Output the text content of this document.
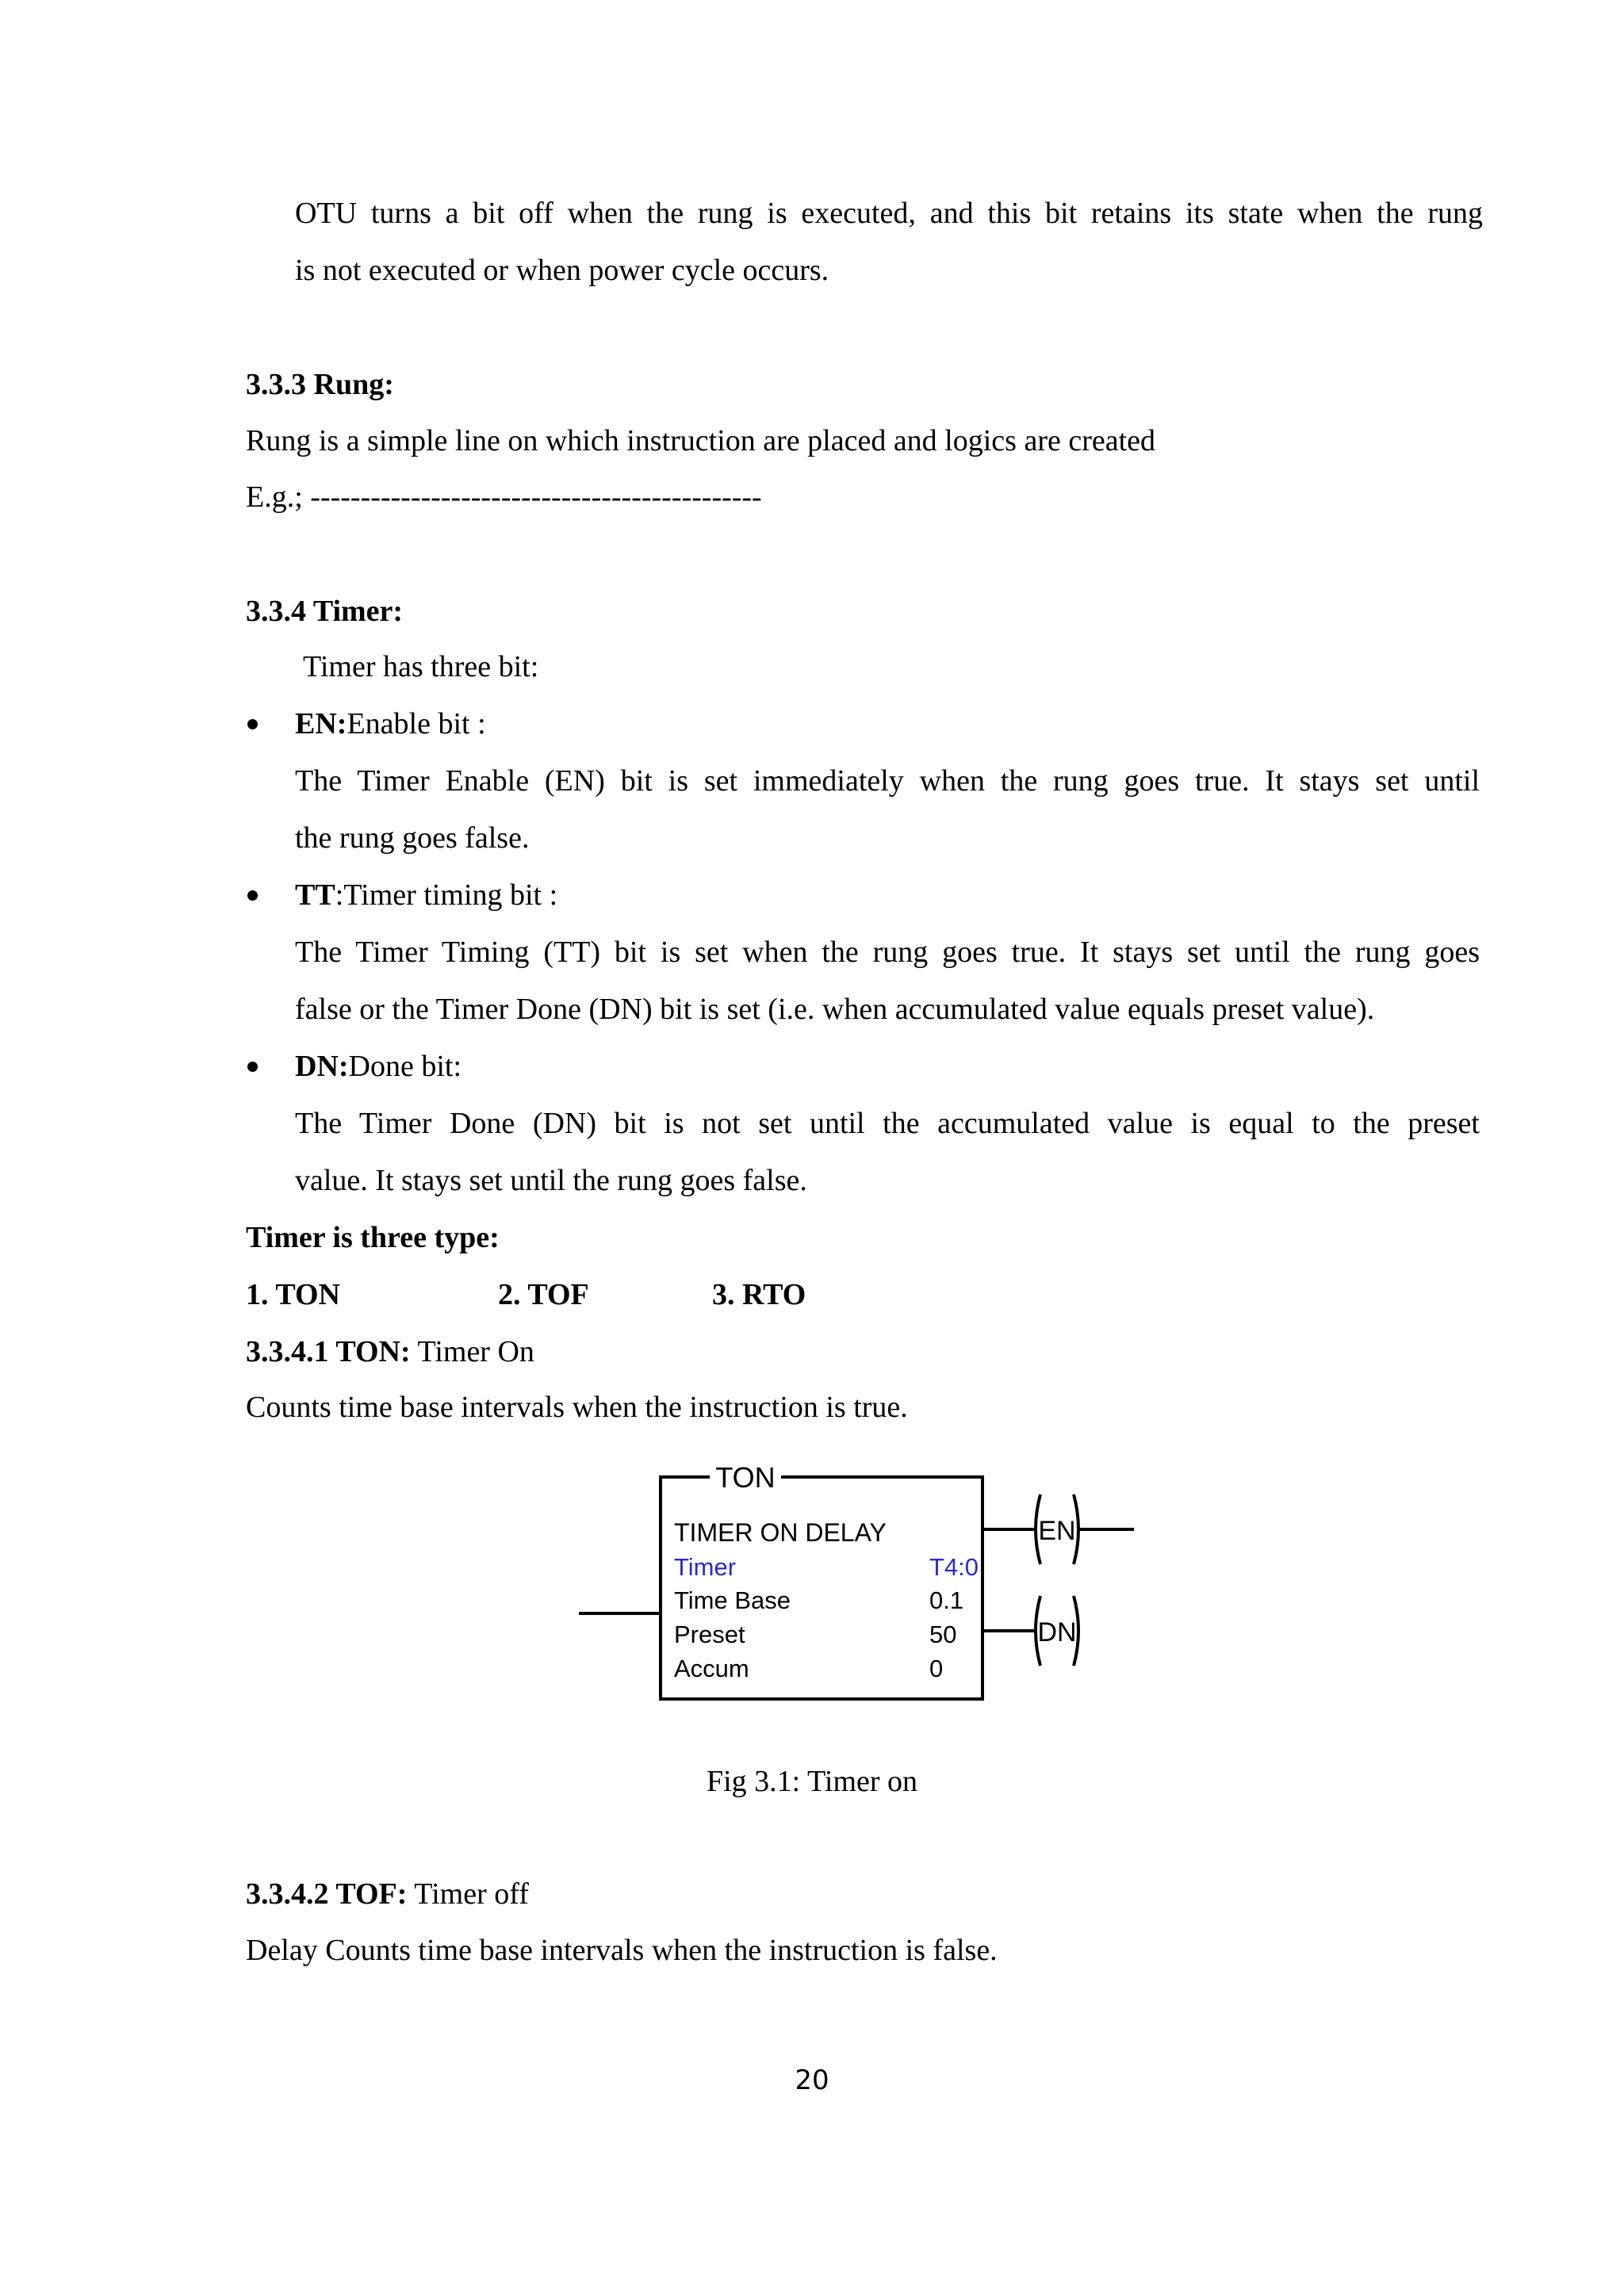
OTU turns a bit off when the rung is executed, and this bit retains its state when the rung
is not executed or when power cycle occurs.
3.3.3 Rung:
Rung is a simple line on which instruction are placed and logics are created
E.g.; ---------------------------------------------
3.3.4 Timer:
Timer has three bit:
EN:Enable bit :
The Timer Enable (EN) bit is set immediately when the rung goes true. It stays set until
the rung goes false.
TT:Timer timing bit :
The Timer Timing (TT) bit is set when the rung goes true. It stays set until the rung goes
false or the Timer Done (DN) bit is set (i.e. when accumulated value equals preset value).
DN:Done bit:
The Timer Done (DN) bit is not set until the accumulated value is equal to the preset
value. It stays set until the rung goes false.
Timer is three type:
1. TON	2. TOF	3. RTO
3.3.4.1 TON: Timer On
Counts time base intervals when the instruction is true.
TON
TIMER ON DELAY
Timer	T4:0
Time Base	0.1
Preset	50
Accum	0
EN
DN
Fig 3.1: Timer on
3.3.4.2 TOF: Timer off
Delay Counts time base intervals when the instruction is false.
20
